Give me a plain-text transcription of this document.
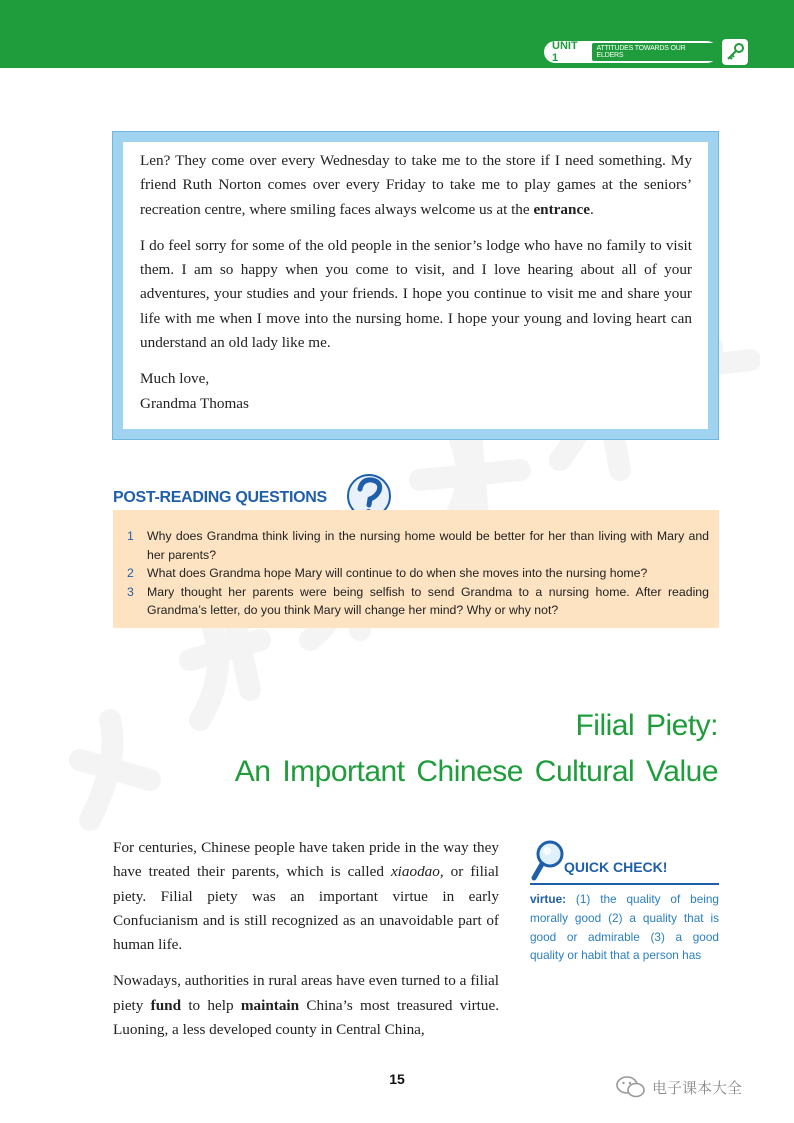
UNIT 1
ATTITUDES TOWARDS OUR ELDERS

Len? They come over every Wednesday to take me to the store if I need something. My friend Ruth Norton comes over every Friday to take me to play games at the seniors’ recreation centre, where smiling faces always welcome us at the entrance.

I do feel sorry for some of the old people in the senior’s lodge who have no family to visit them. I am so happy when you come to visit, and I love hearing about all of your adventures, your studies and your friends. I hope you continue to visit me and share your life with me when I move into the nursing home. I hope your young and loving heart can understand an old lady like me.

Much love,

Grandma Thomas

POST-READING QUESTIONS
1	Why does Grandma think living in the nursing home would be better for her than living with Mary and her parents?
2	What does Grandma hope Mary will continue to do when she moves into the nursing home?
3	Mary thought her parents were being selfish to send Grandma to a nursing home. After reading Grandma’s letter, do you think Mary will change her mind? Why or why not?
Filial Piety:
An Important Chinese Cultural Value

For centuries, Chinese people have taken pride in the way they have treated their parents, which is called xiaodao, or filial piety. Filial piety was an important virtue in early Confucianism and is still recognized as an unavoidable part of human life.

Nowadays, authorities in rural areas have even turned to a filial piety fund to help maintain China’s most treasured virtue. Luoning, a less developed county in Central China,

QUICK CHECK!
virtue: (1) the quality of being morally good (2) a quality that is good or admirable (3) a good quality or habit that a person has
15	电子课本大全
